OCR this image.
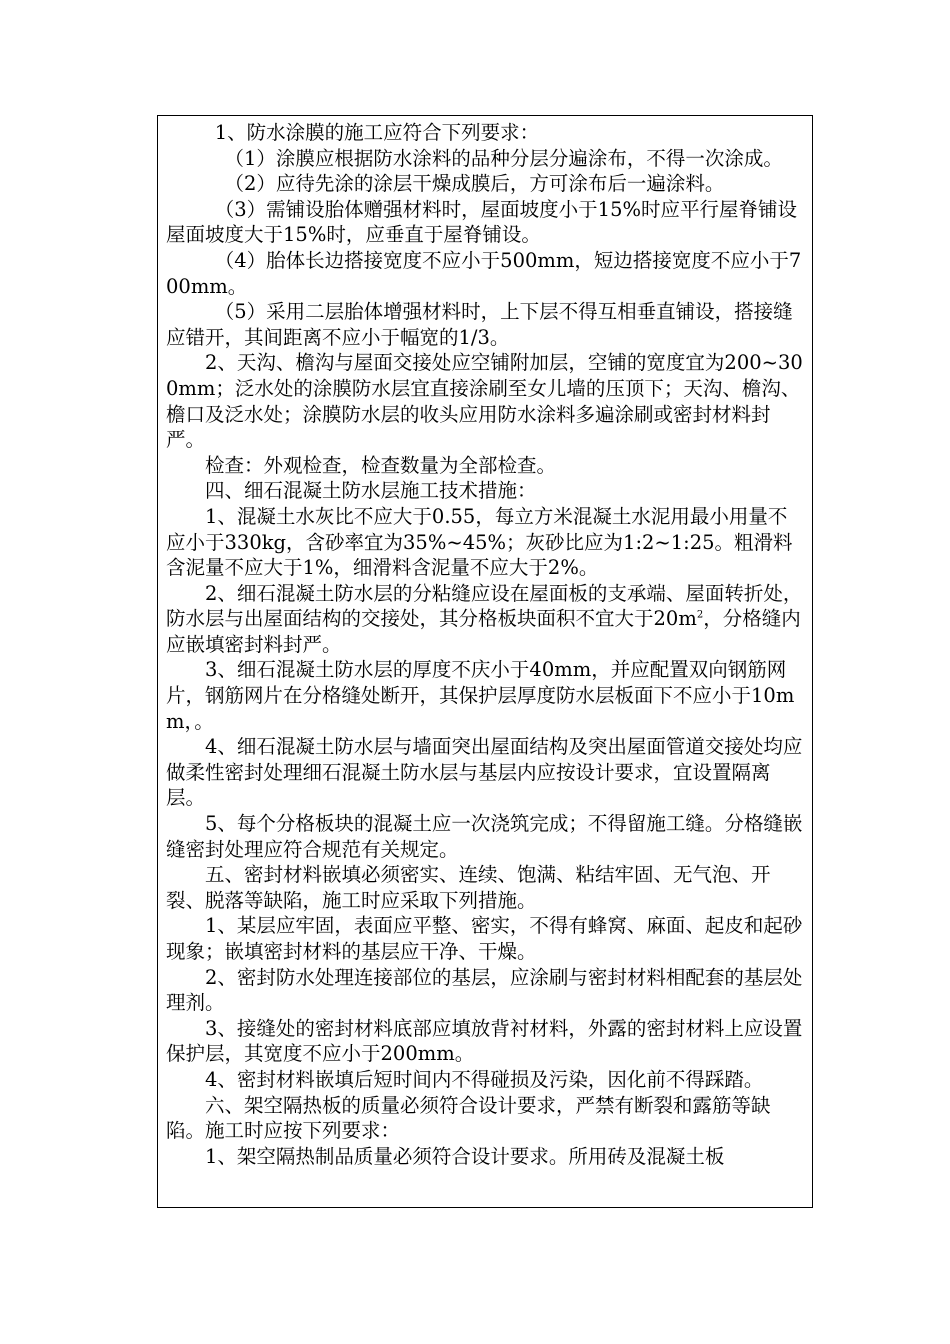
1、防水涂膜的施工应符合下列要求：

（1）涂膜应根据防水涂料的品种分层分遍涂布，不得一次涂成。

（2）应待先涂的涂层干燥成膜后，方可涂布后一遍涂料。

（3）需铺设胎体赠强材料时，屋面坡度小于15%时应平行屋脊铺设屋面坡度大于15%时，应垂直于屋脊铺设。

（4）胎体长边搭接宽度不应小于500mm，短边搭接宽度不应小于700mm。

（5）采用二层胎体增强材料时，上下层不得互相垂直铺设，搭接缝应错开，其间距离不应小于幅宽的1/3。

2、天沟、檐沟与屋面交接处应空铺附加层，空铺的宽度宜为200~300mm；泛水处的涂膜防水层宜直接涂刷至女儿墙的压顶下；天沟、檐沟、檐口及泛水处；涂膜防水层的收头应用防水涂料多遍涂刷或密封材料封严。

检查：外观检查，检查数量为全部检查。

四、细石混凝土防水层施工技术措施：

1、混凝土水灰比不应大于0.55，每立方米混凝土水泥用最小用量不应小于330kg，含砂率宜为35%~45%；灰砂比应为1:2~1:25。粗滑料含泥量不应大于1%，细滑料含泥量不应大于2%。

2、细石混凝土防水层的分粘缝应设在屋面板的支承端、屋面转折处，防水层与出屋面结构的交接处，其分格板块面积不宜大于$20m^2$，分格缝内应嵌填密封料封严。

3、细石混凝土防水层的厚度不庆小于40mm，并应配置双向钢筋网片，钢筋网片在分格缝处断开，其保护层厚度防水层板面下不应小于10mm，。

4、细石混凝土防水层与墙面突出屋面结构及突出屋面管道交接处均应做柔性密封处理细石混凝土防水层与基层内应按设计要求，宜设置隔离层。

5、每个分格板块的混凝土应一次浇筑完成；不得留施工缝。分格缝嵌缝密封处理应符合规范有关规定。

五、密封材料嵌填必须密实、连续、饱满、粘结牢固、无气泡、开裂、脱落等缺陷，施工时应采取下列措施。

1、某层应牢固，表面应平整、密实，不得有蜂窝、麻面、起皮和起砂现象；嵌填密封材料的基层应干净、干燥。

2、密封防水处理连接部位的基层，应涂刷与密封材料相配套的基层处理剂。

3、接缝处的密封材料底部应填放背衬材料，外露的密封材料上应设置保护层，其宽度不应小于200mm。

4、密封材料嵌填后短时间内不得碰损及污染，因化前不得踩踏。

六、架空隔热板的质量必须符合设计要求，严禁有断裂和露筋等缺陷。施工时应按下列要求：

1、架空隔热制品质量必须符合设计要求。所用砖及混凝土板
